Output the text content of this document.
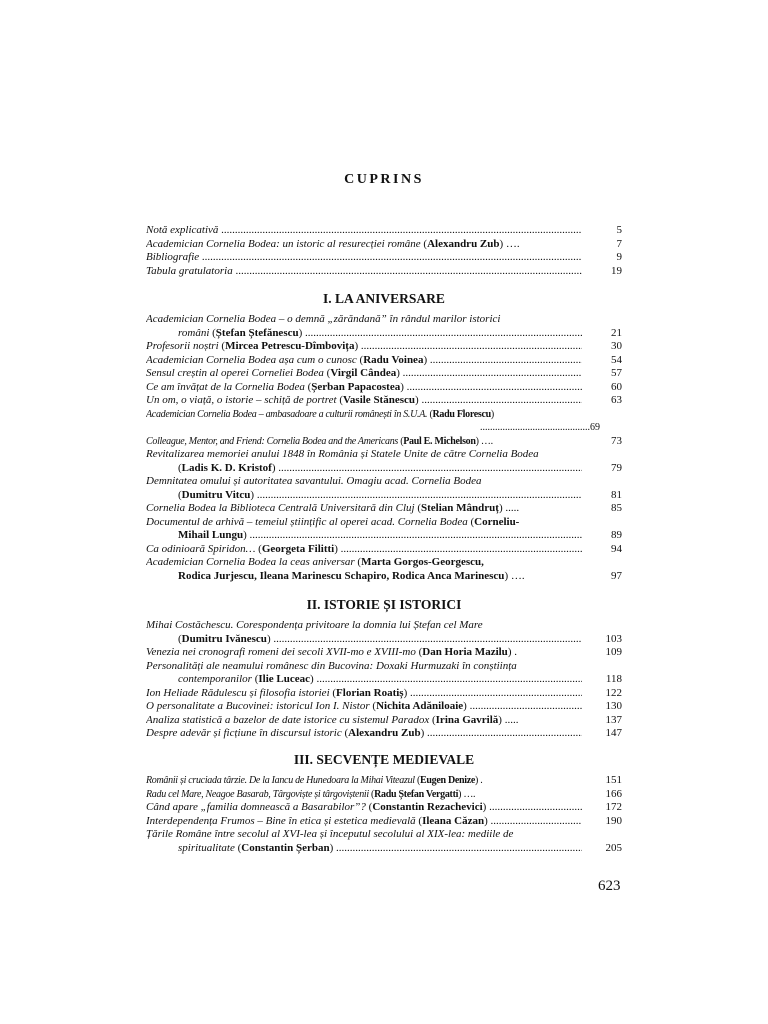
CUPRINS
Notă explicativă .....	5
Academician Cornelia Bodea: un istoric al resurecției române (Alexandru Zub) ….	7
Bibliografie .....	9
Tabula gratulatoria .....	19
I. LA ANIVERSARE
Academician Cornelia Bodea – o demnă „zărăndană” în rândul marilor istorici

români (Ștefan Ștefănescu) .....	21
Profesorii noștri (Mircea Petrescu-Dîmbovița) .....	30
Academician Cornelia Bodea așa cum o cunosc (Radu Voinea) .....	54
Sensul creștin al operei Corneliei Bodea (Virgil Cândea) .....	57
Ce am învățat de la Cornelia Bodea (Șerban Papacostea) .....	60
Un om, o viață, o istorie – schiță de portret (Vasile Stănescu) .....	63
Academician Cornelia Bodea – ambasadoare a culturii românești în S.U.A. (Radu Florescu)
............................................69
Colleague, Mentor, and Friend: Cornelia Bodea and the Americans (Paul E. Michelson) ….	73
Revitalizarea memoriei anului 1848 în România și Statele Unite de către Cornelia Bodea

(Ladis K. D. Kristof) .....	79
Demnitatea omului și autoritatea savantului. Omagiu acad. Cornelia Bodea

(Dumitru Vitcu) .....	81
Cornelia Bodea la Biblioteca Centrală Universitară din Cluj (Stelian Mândruț) .....	85
Documentul de arhivă – temeiul științific al operei acad. Cornelia Bodea (Corneliu-

Mihail Lungu) .....	89
Ca odinioară Spiridon… (Georgeta Filitti) .....	94
Academician Cornelia Bodea la ceas aniversar (Marta Gorgos-Georgescu,

Rodica Jurjescu, Ileana Marinescu Schapiro, Rodica Anca Marinescu) ….	97
II. ISTORIE ȘI ISTORICI
Mihai Costăchescu. Corespondența privitoare la domnia lui Ștefan cel Mare

(Dumitru Ivănescu) .....	103
Venezia nei cronografi romeni dei secoli XVII-mo e XVIII-mo (Dan Horia Mazilu) .	109
Personalități ale neamului românesc din Bucovina: Doxaki Hurmuzaki în conștiința

contemporanilor (Ilie Luceac) .....	118
Ion Heliade Rădulescu și filosofia istoriei (Florian Roatiș) .....	122
O personalitate a Bucovinei: istoricul Ion I. Nistor (Nichita Adăniloaie) .....	130
Analiza statistică a bazelor de date istorice cu sistemul Paradox (Irina Gavrilă) .....	137
Despre adevăr și ficțiune în discursul istoric (Alexandru Zub) .....	147
III. SECVENȚE MEDIEVALE
Românii și cruciada târzie. De la Iancu de Hunedoara la Mihai Viteazul (Eugen Denize) .	151
Radu cel Mare, Neagoe Basarab, Târgoviște și târgoviștenii (Radu Ștefan Vergatti) ….	166
Când apare „familia domnească a Basarabilor”? (Constantin Rezachevici) .....	172
Interdependența Frumos – Bine în etica și estetica medievală (Ileana Căzan) .....	190
Țările Române între secolul al XVI-lea și începutul secolului al XIX-lea: mediile de

spiritualitate (Constantin Șerban) .....	205
623
